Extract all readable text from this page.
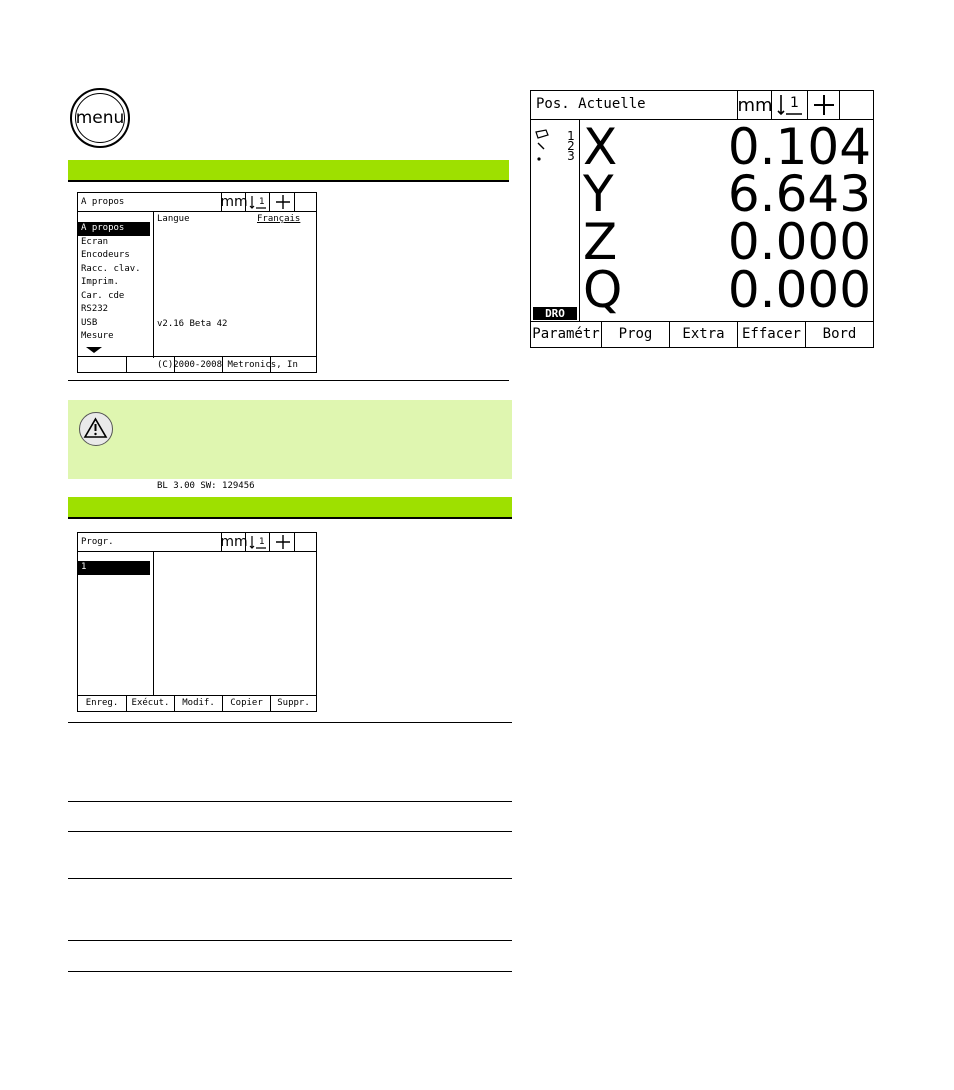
menu
A propos	mm 1
A propos
Ecran
Encodeurs
Racc. clav.
Imprim.
Car. cde
RS232
USB
Mesure
Langue	Français

v2.16 Beta 42

(C)2000-2008 Metronics, In

BL 3.00 SW: 129456

Progr.	mm 1
1
Enreg.	Exécut.	Modif.	Copier	Suppr.
Pos. Actuelle	mm 1
1
2
3
DRO
X 0.104
Y 6.643
Z 0.000
Q 0.000
Paramétr	Prog	Extra	Effacer	Bord
